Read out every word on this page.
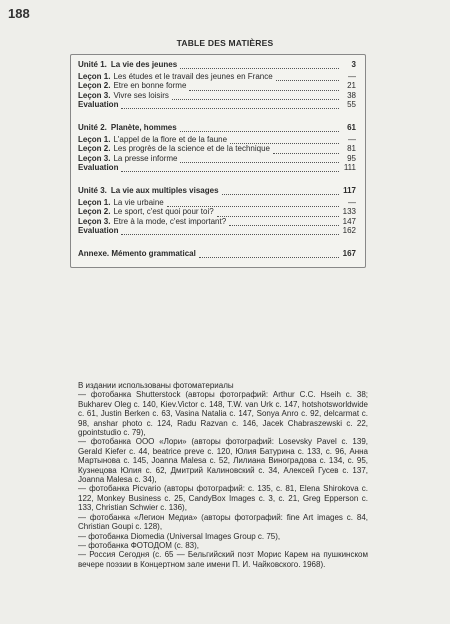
188
TABLE DES MATIÈRES
Unité 1. La vie des jeunes	3
Leçon 1. Les études et le travail des jeunes en France	—
Leçon 2. Etre en bonne forme	21
Leçon 3. Vivre ses loisirs	38
Evaluation	55
Unité 2. Planète, hommes	61
Leçon 1. L'appel de la flore et de la faune	—
Leçon 2. Les progrès de la science et de la technique	81
Leçon 3. La presse informe	95
Evaluation	111
Unité 3. La vie aux multiples visages	117
Leçon 1. La vie urbaine	—
Leçon 2. Le sport, c'est quoi pour toi?	133
Leçon 3. Etre à la mode, c'est important?	147
Evaluation	162
Annexe. Mémento grammatical	167

В издании использованы фотоматериалы

— фотобанка Shutterstock (авторы фотографий: Arthur C.C. Hseih с. 38; Bukharev Oleg с. 140, Kiev.Victor с. 148, T.W. van Urk с. 147, hotshotsworldwide с. 61, Justin Berken с. 63, Vasina Natalia с. 147, Sonya Anro с. 92, delcarmat с. 98, anshar photo с. 124, Radu Razvan с. 146, Jacek Chabraszewski с. 22, gpointstudio с. 79),

— фотобанка ООО «Лори» (авторы фотографий: Losevsky Pavel с. 139, Gerald Kiefer с. 44, beatrice preve с. 120, Юлия Батурина с. 133, с. 96, Анна Мартынова с. 145, Joanna Malesa с. 52, Лилиана Виноградова с. 134, с. 95, Кузнецова Юлия с. 62, Дмитрий Калиновский с. 34, Алексей Гусев с. 137, Joanna Malesa с. 34),

— фотобанка Picvario (авторы фотографий: с. 135, с. 81, Elena Shirokova с. 122, Monkey Business с. 25, CandyBox Images с. 3, с. 21, Greg Epperson с. 133, Christian Schwier с. 136),

— фотобанка «Легион Медиа» (авторы фотографий: fine Art images с. 84, Christian Goupi с. 128),

— фотобанка Diomedia (Universal Images Group с. 75),

— фотобанка ФОТОДОМ (с. 83),

— Россия Сегодня (с. 65 — Бельгийский поэт Морис Карем на пушкинском вечере поэзии в Концертном зале имени П. И. Чайковского. 1968).
